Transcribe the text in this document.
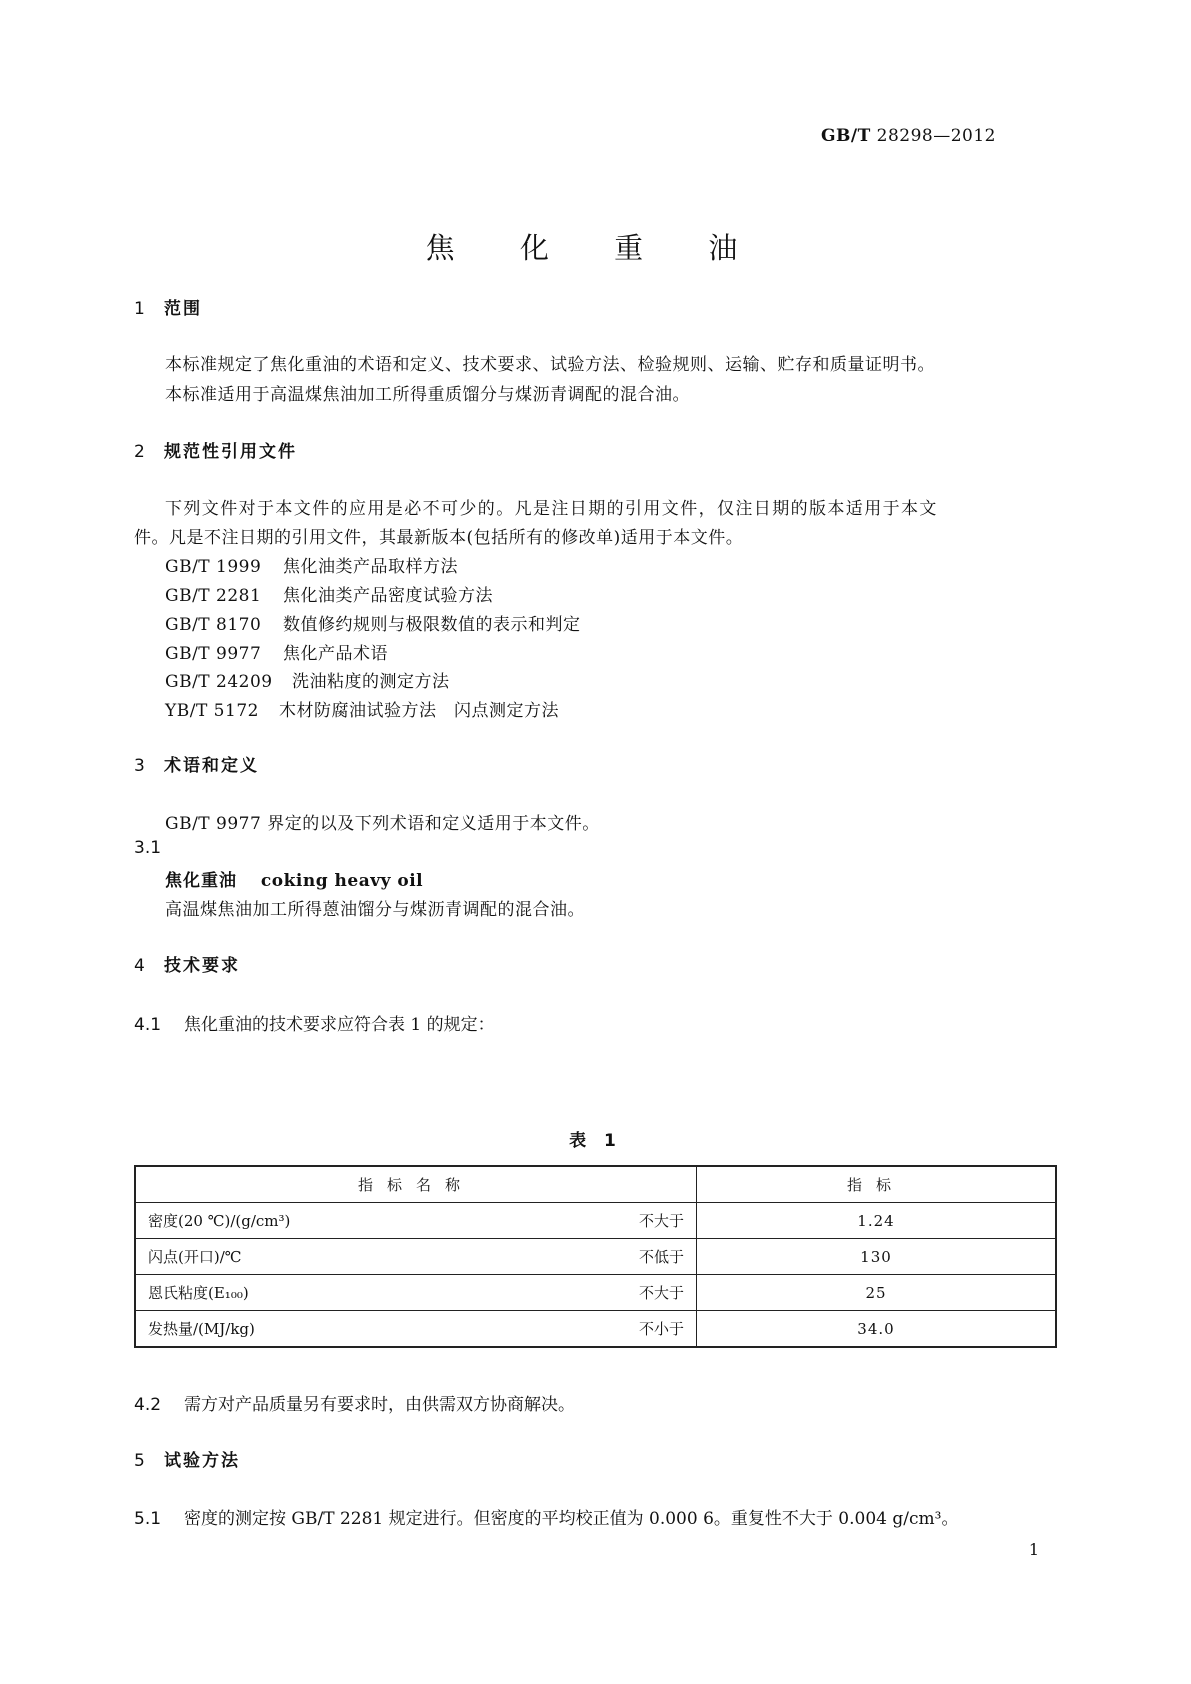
GB/T 28298—2012
焦 化 重 油
1 范围
本标准规定了焦化重油的术语和定义、技术要求、试验方法、检验规则、运输、贮存和质量证明书。
本标准适用于高温煤焦油加工所得重质馏分与煤沥青调配的混合油。
2 规范性引用文件
下列文件对于本文件的应用是必不可少的。凡是注日期的引用文件，仅注日期的版本适用于本文
件。凡是不注日期的引用文件，其最新版本(包括所有的修改单)适用于本文件。
GB/T 1999 焦化油类产品取样方法
GB/T 2281 焦化油类产品密度试验方法
GB/T 8170 数值修约规则与极限数值的表示和判定
GB/T 9977 焦化产品术语
GB/T 24209 洗油粘度的测定方法
YB/T 5172 木材防腐油试验方法　闪点测定方法
3 术语和定义
GB/T 9977 界定的以及下列术语和定义适用于本文件。
3.1
焦化重油　 coking heavy oil
高温煤焦油加工所得蒽油馏分与煤沥青调配的混合油。
4 技术要求
4.1 焦化重油的技术要求应符合表 1 的规定：
表 1
指标名称	指标

密度(20 ℃)/(g/cm³) 不大于	1.24

闪点(开口)/℃ 不低于	130

恩氏粘度(E₁₀₀) 不大于	25

发热量/(MJ/kg) 不小于	34.0
4.2 需方对产品质量另有要求时，由供需双方协商解决。
5 试验方法
5.1 密度的测定按 GB/T 2281 规定进行。但密度的平均校正值为 0.000 6。重复性不大于 0.004 g/cm³。
1
